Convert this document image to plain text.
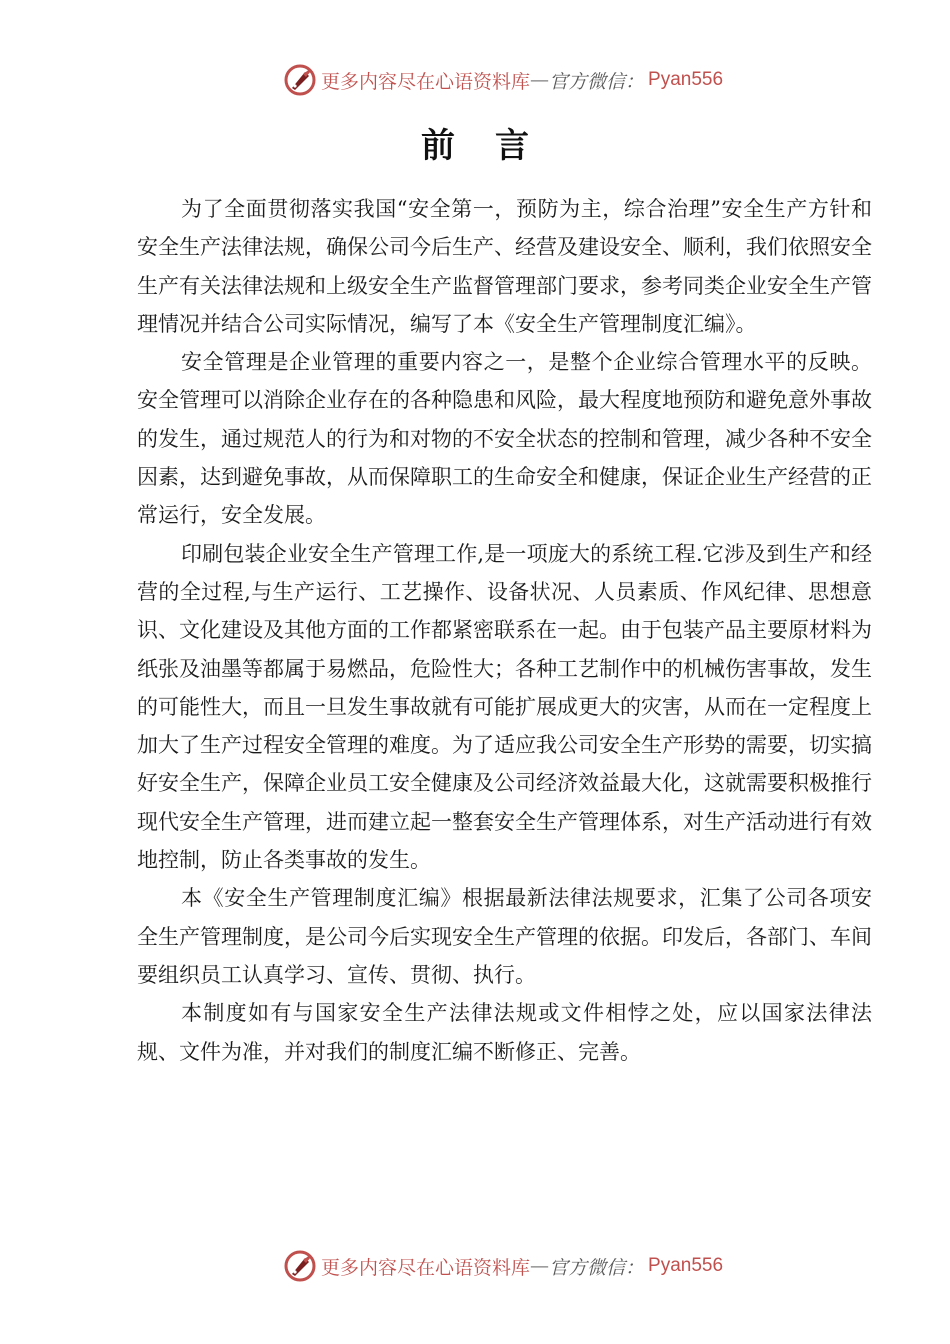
更多内容尽在心语资料库 — 官方微信： Pyan556
前言

为了全面贯彻落实我国“安全第一，预防为主，综合治理”安全生产方针和安全生产法律法规，确保公司今后生产、经营及建设安全、顺利，我们依照安全生产有关法律法规和上级安全生产监督管理部门要求，参考同类企业安全生产管理情况并结合公司实际情况，编写了本《安全生产管理制度汇编》。

安全管理是企业管理的重要内容之一，是整个企业综合管理水平的反映。安全管理可以消除企业存在的各种隐患和风险，最大程度地预防和避免意外事故的发生，通过规范人的行为和对物的不安全状态的控制和管理，减少各种不安全因素，达到避免事故，从而保障职工的生命安全和健康，保证企业生产经营的正常运行，安全发展。

印刷包装企业安全生产管理工作,是一项庞大的系统工程.它涉及到生产和经营的全过程,与生产运行、工艺操作、设备状况、人员素质、作风纪律、思想意识、文化建设及其他方面的工作都紧密联系在一起。由于包装产品主要原材料为纸张及油墨等都属于易燃品，危险性大；各种工艺制作中的机械伤害事故，发生的可能性大，而且一旦发生事故就有可能扩展成更大的灾害，从而在一定程度上加大了生产过程安全管理的难度。为了适应我公司安全生产形势的需要，切实搞好安全生产，保障企业员工安全健康及公司经济效益最大化，这就需要积极推行现代安全生产管理，进而建立起一整套安全生产管理体系，对生产活动进行有效地控制，防止各类事故的发生。

本《安全生产管理制度汇编》根据最新法律法规要求，汇集了公司各项安全生产管理制度，是公司今后实现安全生产管理的依据。印发后，各部门、车间要组织员工认真学习、宣传、贯彻、执行。

本制度如有与国家安全生产法律法规或文件相悖之处，应以国家法律法规、文件为准，并对我们的制度汇编不断修正、完善。

更多内容尽在心语资料库 — 官方微信： Pyan556
